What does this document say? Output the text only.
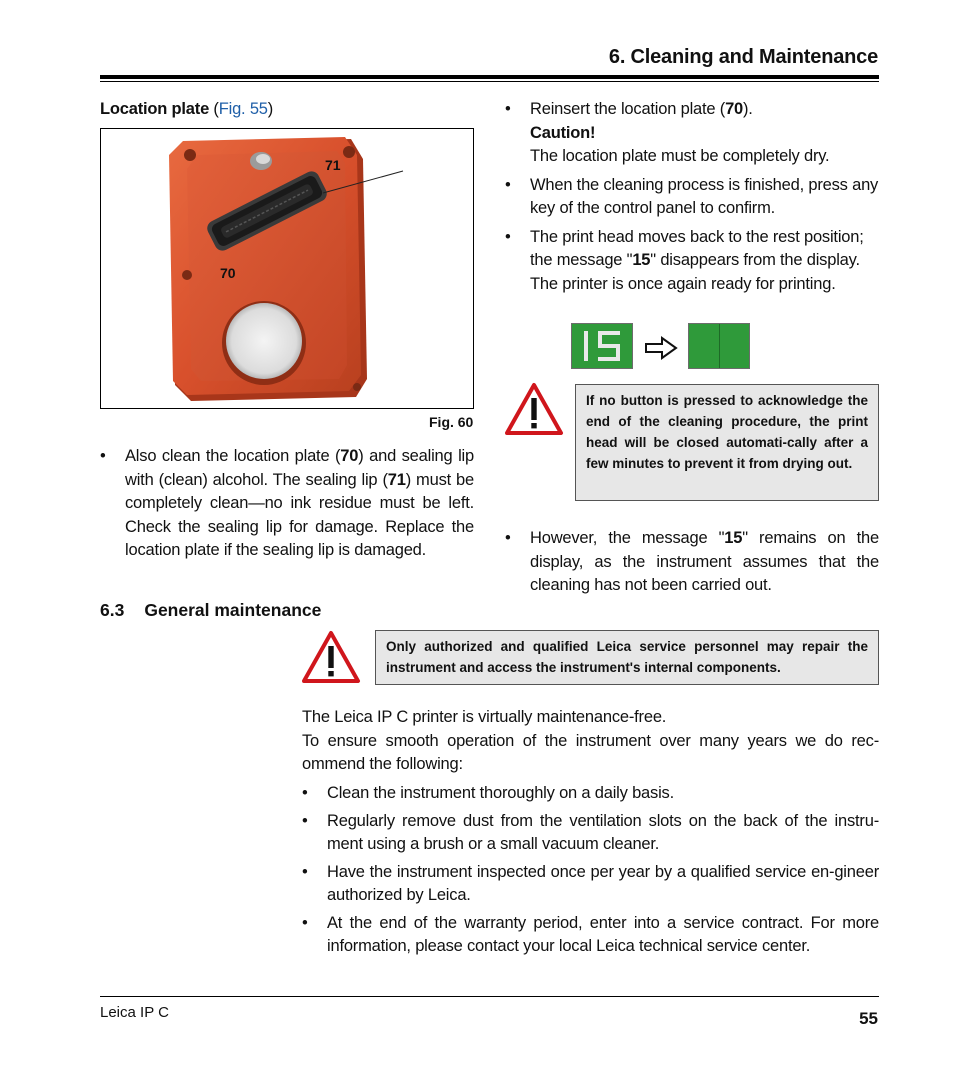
6. Cleaning and Maintenance
Location plate (Fig. 55)
71
70
Fig. 60
• Also clean the location plate (70) and sealing lip with (clean) alcohol. The sealing lip (71) must be completely clean—no ink residue must be left. Check the sealing lip for damage. Replace the location plate if the sealing lip is damaged.
• Reinsert the location plate (70).
Caution!
The location plate must be completely dry.
• When the cleaning process is finished, press any key of the control panel to confirm.
• The print head moves back to the rest position; the message "15" disappears from the display. The printer is once again ready for printing.
If no button is pressed to acknowledge the end of the cleaning procedure, the print head will be closed automati-cally after a few minutes to prevent it from drying out.
• However, the message "15" remains on the display, as the instrument assumes that the cleaning has not been carried out.
6.3 General maintenance
Only authorized and qualified Leica service personnel may repair the instrument and access the instrument's internal components.
The Leica IP C printer is virtually maintenance-free.
To ensure smooth operation of the instrument over many years we do rec-ommend the following:
• Clean the instrument thoroughly on a daily basis.
• Regularly remove dust from the ventilation slots on the back of the instru-ment using a brush or a small vacuum cleaner.
• Have the instrument inspected once per year by a qualified service en-gineer authorized by Leica.
• At the end of the warranty period, enter into a service contract. For more information, please contact your local Leica technical service center.
Leica IP C	55
